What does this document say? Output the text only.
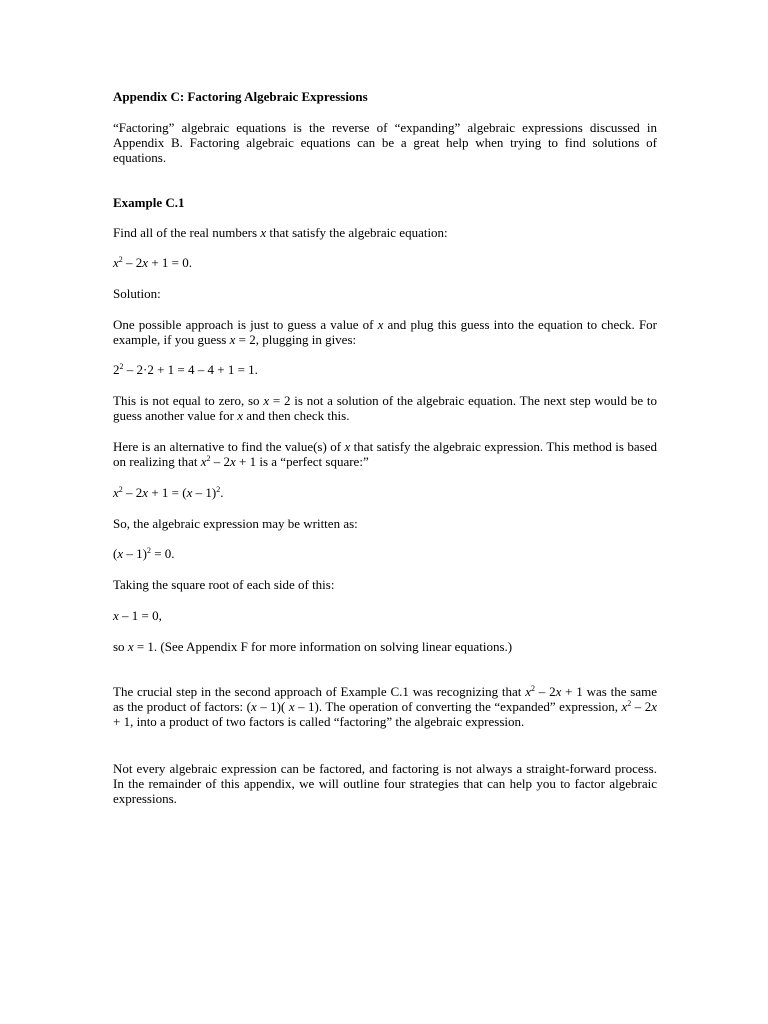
Appendix C: Factoring Algebraic Expressions

“Factoring” algebraic equations is the reverse of “expanding” algebraic expressions discussed in Appendix B. Factoring algebraic equations can be a great help when trying to find solutions of equations.

Example C.1

Find all of the real numbers x that satisfy the algebraic equation:

$x^2 - 2x + 1 = 0$.

Solution:

One possible approach is just to guess a value of x and plug this guess into the equation to check. For example, if you guess x = 2, plugging in gives:

$2^2 - 2\cdot 2 + 1 = 4 - 4 + 1 = 1$.

This is not equal to zero, so x = 2 is not a solution of the algebraic equation. The next step would be to guess another value for x and then check this.

Here is an alternative to find the value(s) of x that satisfy the algebraic expression. This method is based on realizing that $x^2 - 2x + 1$ is a “perfect square:”

$x^2 - 2x + 1 = (x - 1)^2$.

So, the algebraic expression may be written as:

(x – 1)$^2$ = 0.

Taking the square root of each side of this:

x – 1 = 0,

so x = 1. (See Appendix F for more information on solving linear equations.)

The crucial step in the second approach of Example C.1 was recognizing that $x^2 - 2x + 1$ was the same as the product of factors: (x – 1)( x – 1). The operation of converting the “expanded” expression, $x^2 - 2x + 1$, into a product of two factors is called “factoring” the algebraic expression.

Not every algebraic expression can be factored, and factoring is not always a straight-forward process. In the remainder of this appendix, we will outline four strategies that can help you to factor algebraic expressions.
